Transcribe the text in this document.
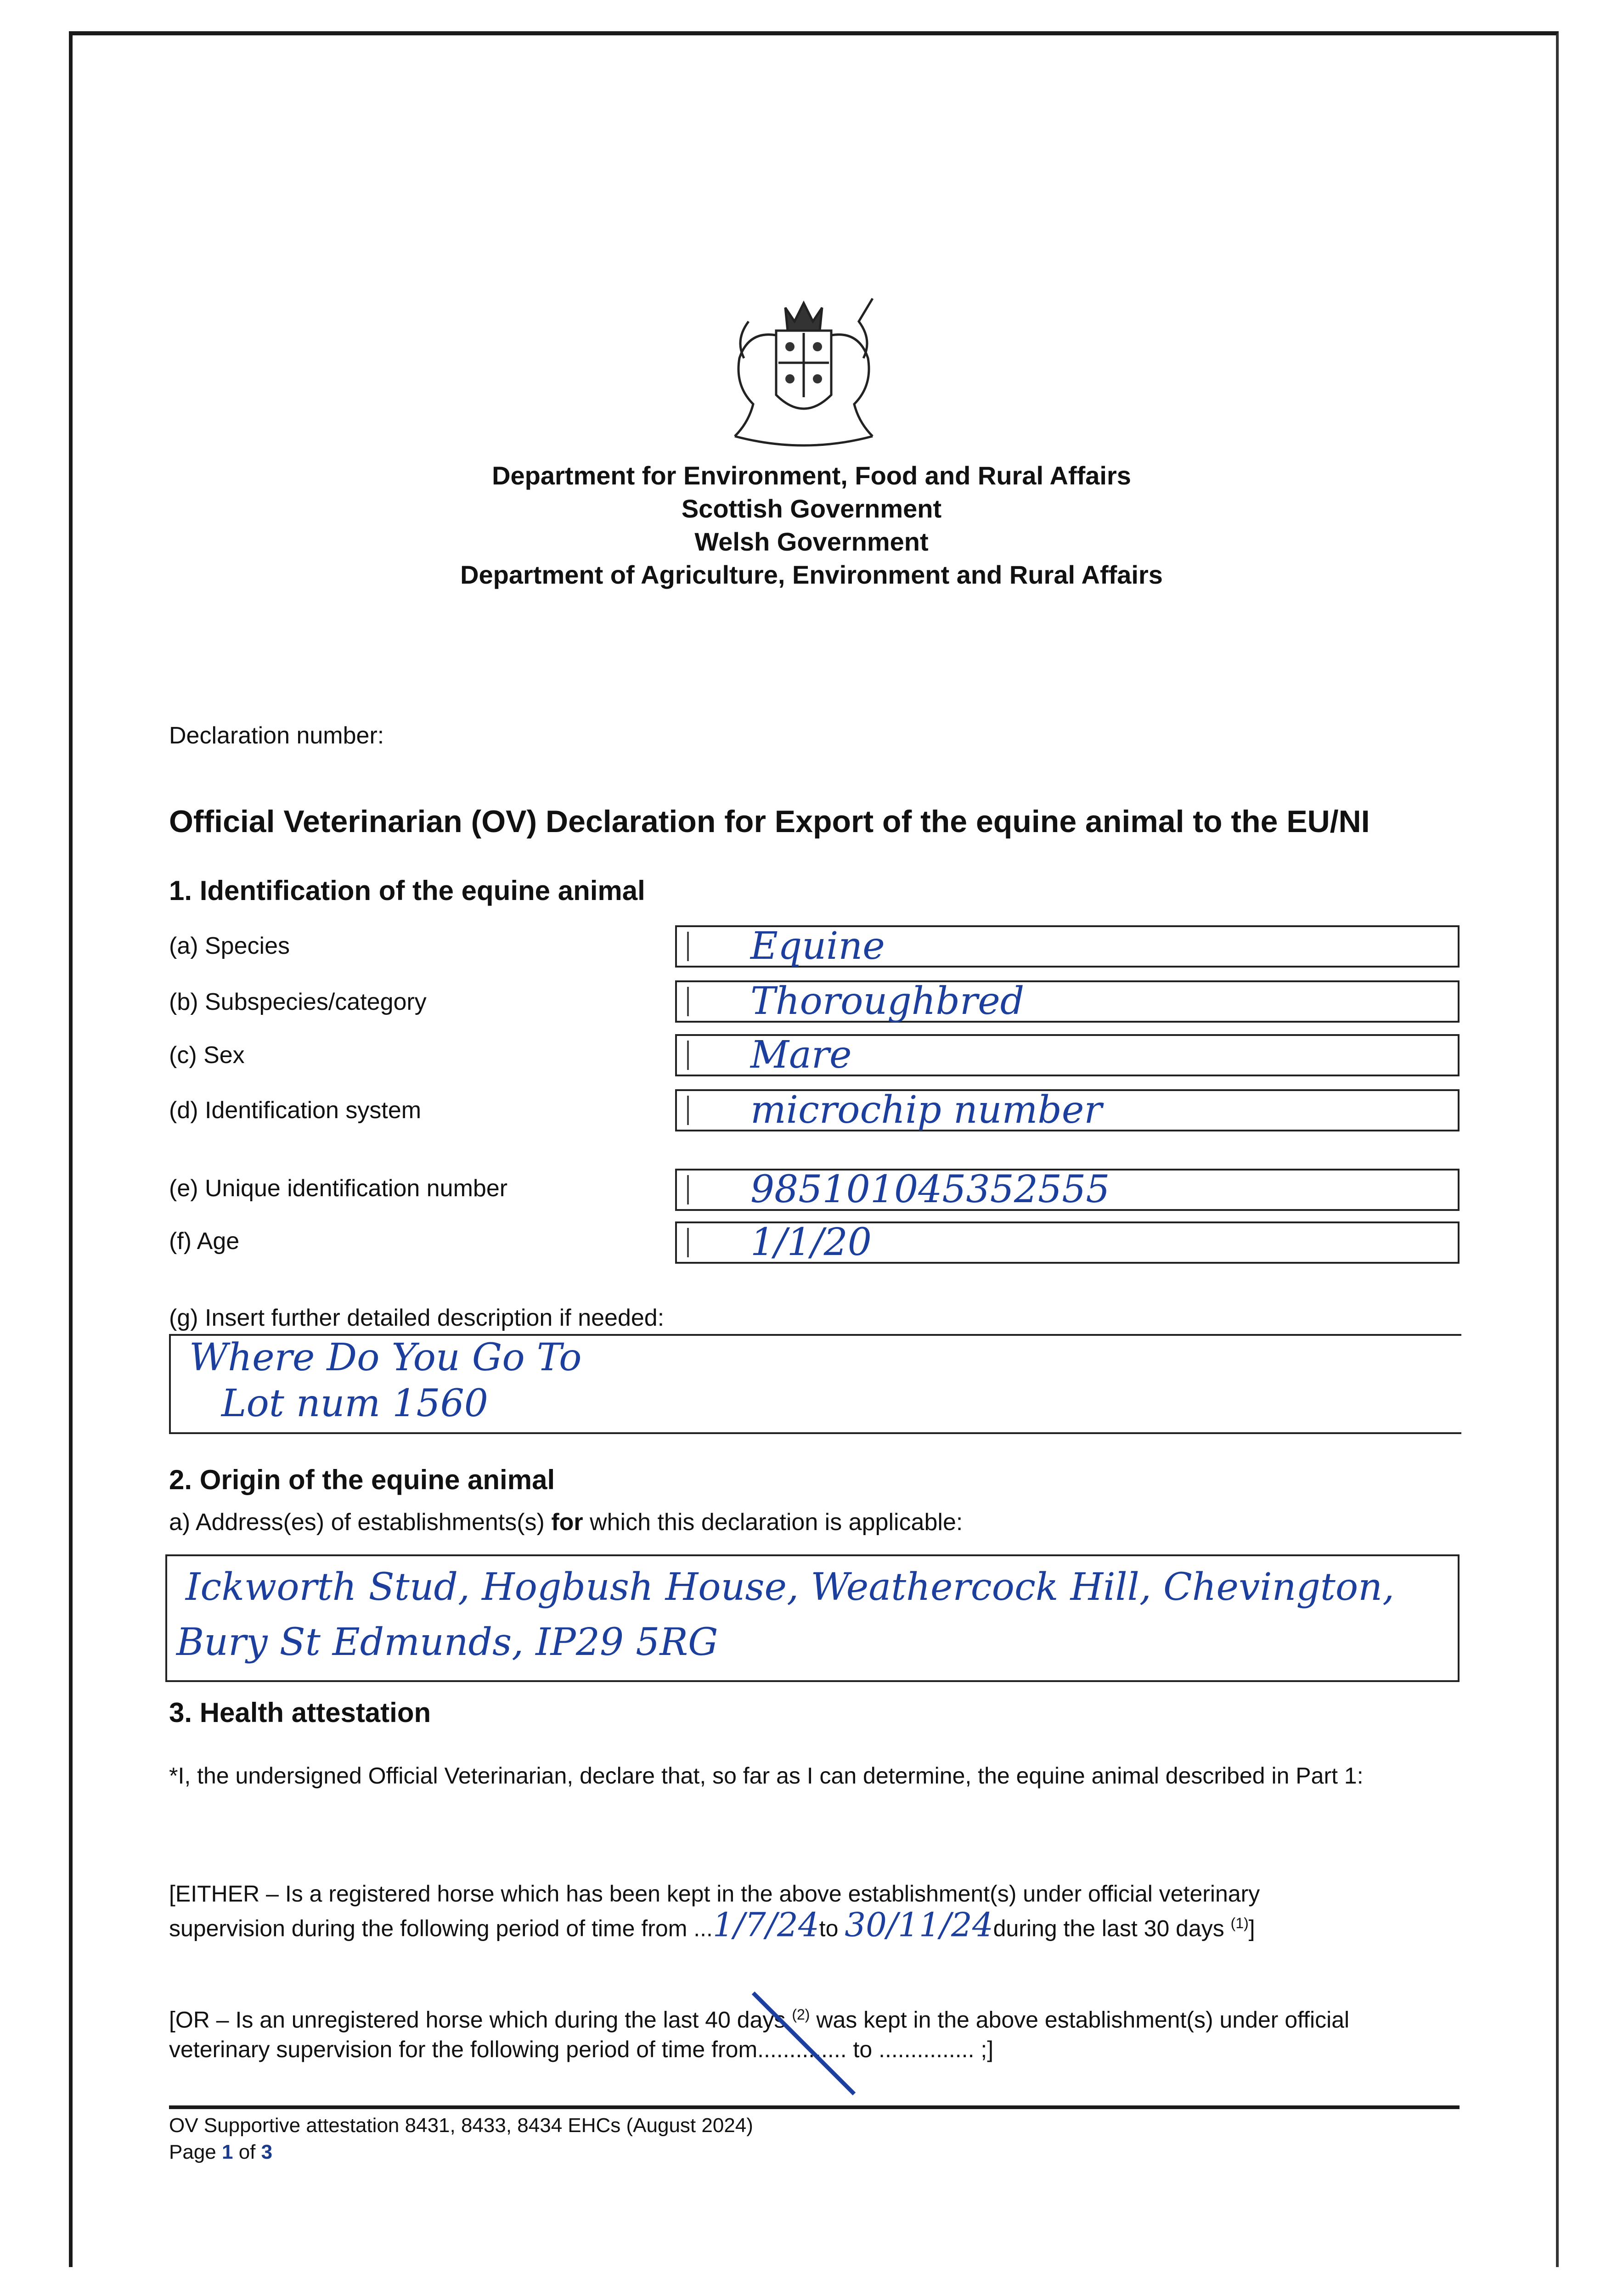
Department for Environment, Food and Rural Affairs
Scottish Government
Welsh Government
Department of Agriculture, Environment and Rural Affairs
Declaration number:
Official Veterinarian (OV) Declaration for Export of the equine animal to the EU/NI
1. Identification of the equine animal
(a) Species	Equine
(b) Subspecies/category	Thoroughbred
(c) Sex	Mare
(d) Identification system	microchip number
(e) Unique identification number	985101045352555
(f) Age	1/1/20
(g) Insert further detailed description if needed:
Where Do You Go To
Lot num 1560
2. Origin of the equine animal
a) Address(es) of establishments(s) for which this declaration is applicable:
Ickworth Stud, Hogbush House, Weathercock Hill, Chevington,
Bury St Edmunds, IP29 5RG
3. Health attestation
*I, the undersigned Official Veterinarian, declare that, so far as I can determine, the equine animal described in Part 1:
[EITHER – Is a registered horse which has been kept in the above establishment(s) under official veterinary
supervision during the following period of time from ...1/7/24to 30/11/24during the last 30 days $^{(1)}$]
[OR – Is an unregistered horse which during the last 40 days $^{(2)}$ was kept in the above establishment(s) under official
veterinary supervision for the following period of time from.............. to ............... ;]
OV Supportive attestation 8431, 8433, 8434 EHCs (August 2024)
Page 1 of 3
